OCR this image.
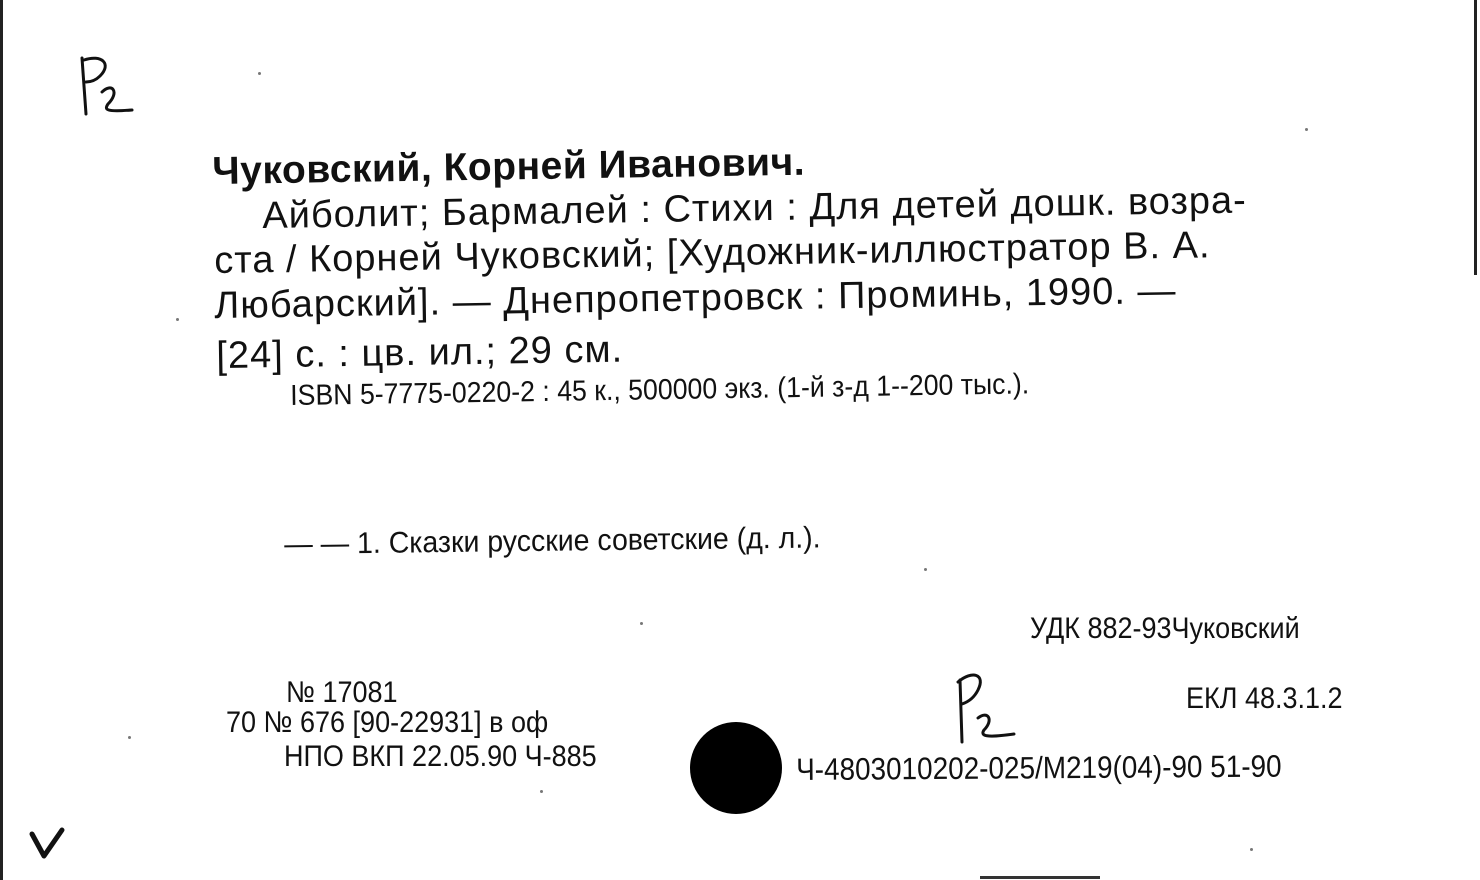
Чуковский, Корней Иванович.

Айболит; Бармалей : Стихи : Для детей дошк. возра-

ста / Корней Чуковский; [Художник-иллюстратор В. А.

Любарский]. — Днепропетровск : Проминь, 1990. —

[24] с. : цв. ил.; 29 см.

ISBN 5-7775-0220-2 : 45 к., 500000 экз. (1-й з-д 1--200 тыс.).

— — 1. Сказки русские советские (д. л.).

УДК 882-93Чуковский

ЕКЛ 48.3.1.2

№ 17081

70 № 676 [90-22931] в оф

НПО ВКП 22.05.90 Ч-885	Ч-4803010202-025/М219(04)-90 51-90
